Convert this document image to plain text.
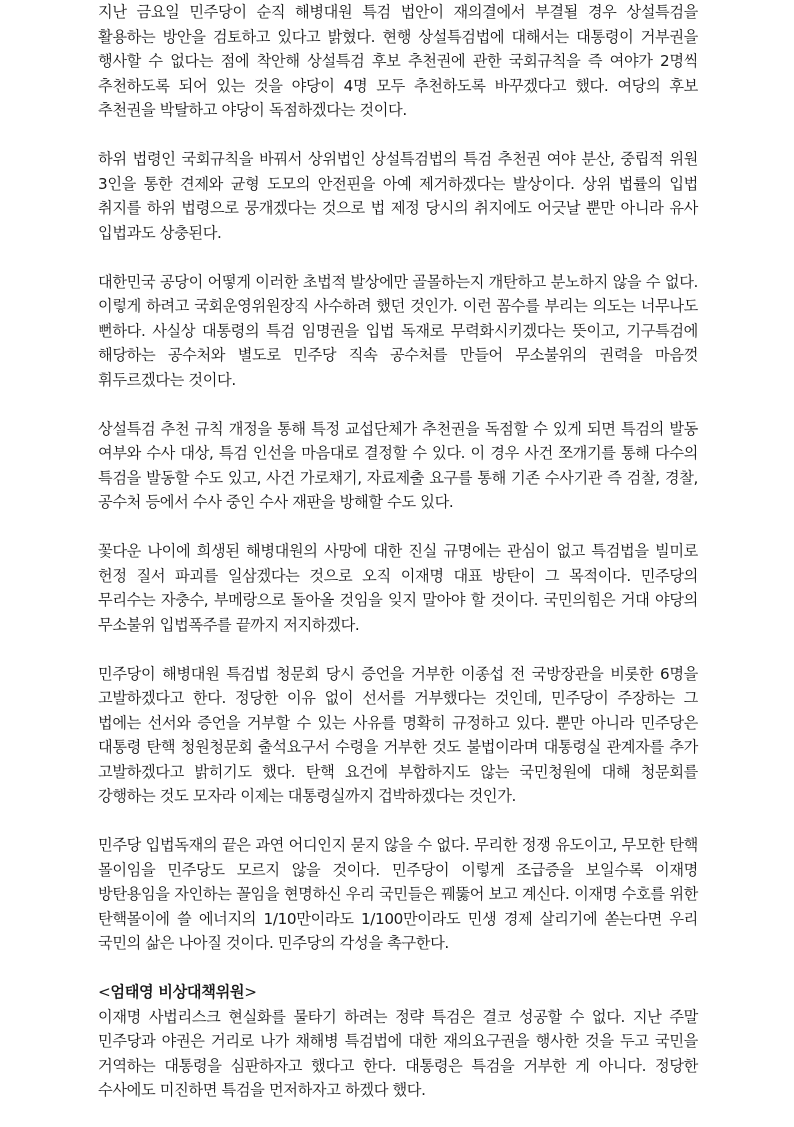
지난 금요일 민주당이 순직 해병대원 특검 법안이 재의결에서 부결될 경우 상설특검을 활용하는 방안을 검토하고 있다고 밝혔다. 현행 상설특검법에 대해서는 대통령이 거부권을 행사할 수 없다는 점에 착안해 상설특검 후보 추천권에 관한 국회규칙을 즉 여야가 2명씩 추천하도록 되어 있는 것을 야당이 4명 모두 추천하도록 바꾸겠다고 했다. 여당의 후보 추천권을 박탈하고 야당이 독점하겠다는 것이다.

하위 법령인 국회규칙을 바꿔서 상위법인 상설특검법의 특검 추천권 여야 분산, 중립적 위원 3인을 통한 견제와 균형 도모의 안전핀을 아예 제거하겠다는 발상이다. 상위 법률의 입법 취지를 하위 법령으로 뭉개겠다는 것으로 법 제정 당시의 취지에도 어긋날 뿐만 아니라 유사 입법과도 상충된다.

대한민국 공당이 어떻게 이러한 초법적 발상에만 골몰하는지 개탄하고 분노하지 않을 수 없다. 이렇게 하려고 국회운영위원장직 사수하려 했던 것인가. 이런 꼼수를 부리는 의도는 너무나도 뻔하다. 사실상 대통령의 특검 임명권을 입법 독재로 무력화시키겠다는 뜻이고, 기구특검에 해당하는 공수처와 별도로 민주당 직속 공수처를 만들어 무소불위의 권력을 마음껏 휘두르겠다는 것이다.

상설특검 추천 규칙 개정을 통해 특정 교섭단체가 추천권을 독점할 수 있게 되면 특검의 발동 여부와 수사 대상, 특검 인선을 마음대로 결정할 수 있다. 이 경우 사건 쪼개기를 통해 다수의 특검을 발동할 수도 있고, 사건 가로채기, 자료제출 요구를 통해 기존 수사기관 즉 검찰, 경찰, 공수처 등에서 수사 중인 수사 재판을 방해할 수도 있다.

꽃다운 나이에 희생된 해병대원의 사망에 대한 진실 규명에는 관심이 없고 특검법을 빌미로 헌정 질서 파괴를 일삼겠다는 것으로 오직 이재명 대표 방탄이 그 목적이다. 민주당의 무리수는 자충수, 부메랑으로 돌아올 것임을 잊지 말아야 할 것이다. 국민의힘은 거대 야당의 무소불위 입법폭주를 끝까지 저지하겠다.

민주당이 해병대원 특검법 청문회 당시 증언을 거부한 이종섭 전 국방장관을 비롯한 6명을 고발하겠다고 한다. 정당한 이유 없이 선서를 거부했다는 것인데, 민주당이 주장하는 그 법에는 선서와 증언을 거부할 수 있는 사유를 명확히 규정하고 있다. 뿐만 아니라 민주당은 대통령 탄핵 청원청문회 출석요구서 수령을 거부한 것도 불법이라며 대통령실 관계자를 추가 고발하겠다고 밝히기도 했다. 탄핵 요건에 부합하지도 않는 국민청원에 대해 청문회를 강행하는 것도 모자라 이제는 대통령실까지 겁박하겠다는 것인가.

민주당 입법독재의 끝은 과연 어디인지 묻지 않을 수 없다. 무리한 정쟁 유도이고, 무모한 탄핵 몰이임을 민주당도 모르지 않을 것이다. 민주당이 이렇게 조급증을 보일수록 이재명 방탄용임을 자인하는 꼴임을 현명하신 우리 국민들은 꿰뚫어 보고 계신다. 이재명 수호를 위한 탄핵몰이에 쓸 에너지의 1/10만이라도 1/100만이라도 민생 경제 살리기에 쏟는다면 우리 국민의 삶은 나아질 것이다. 민주당의 각성을 촉구한다.

<엄태영 비상대책위원>

이재명 사법리스크 현실화를 물타기 하려는 정략 특검은 결코 성공할 수 없다. 지난 주말 민주당과 야권은 거리로 나가 채해병 특검법에 대한 재의요구권을 행사한 것을 두고 국민을 거역하는 대통령을 심판하자고 했다고 한다. 대통령은 특검을 거부한 게 아니다. 정당한 수사에도 미진하면 특검을 먼저하자고 하겠다 했다.
